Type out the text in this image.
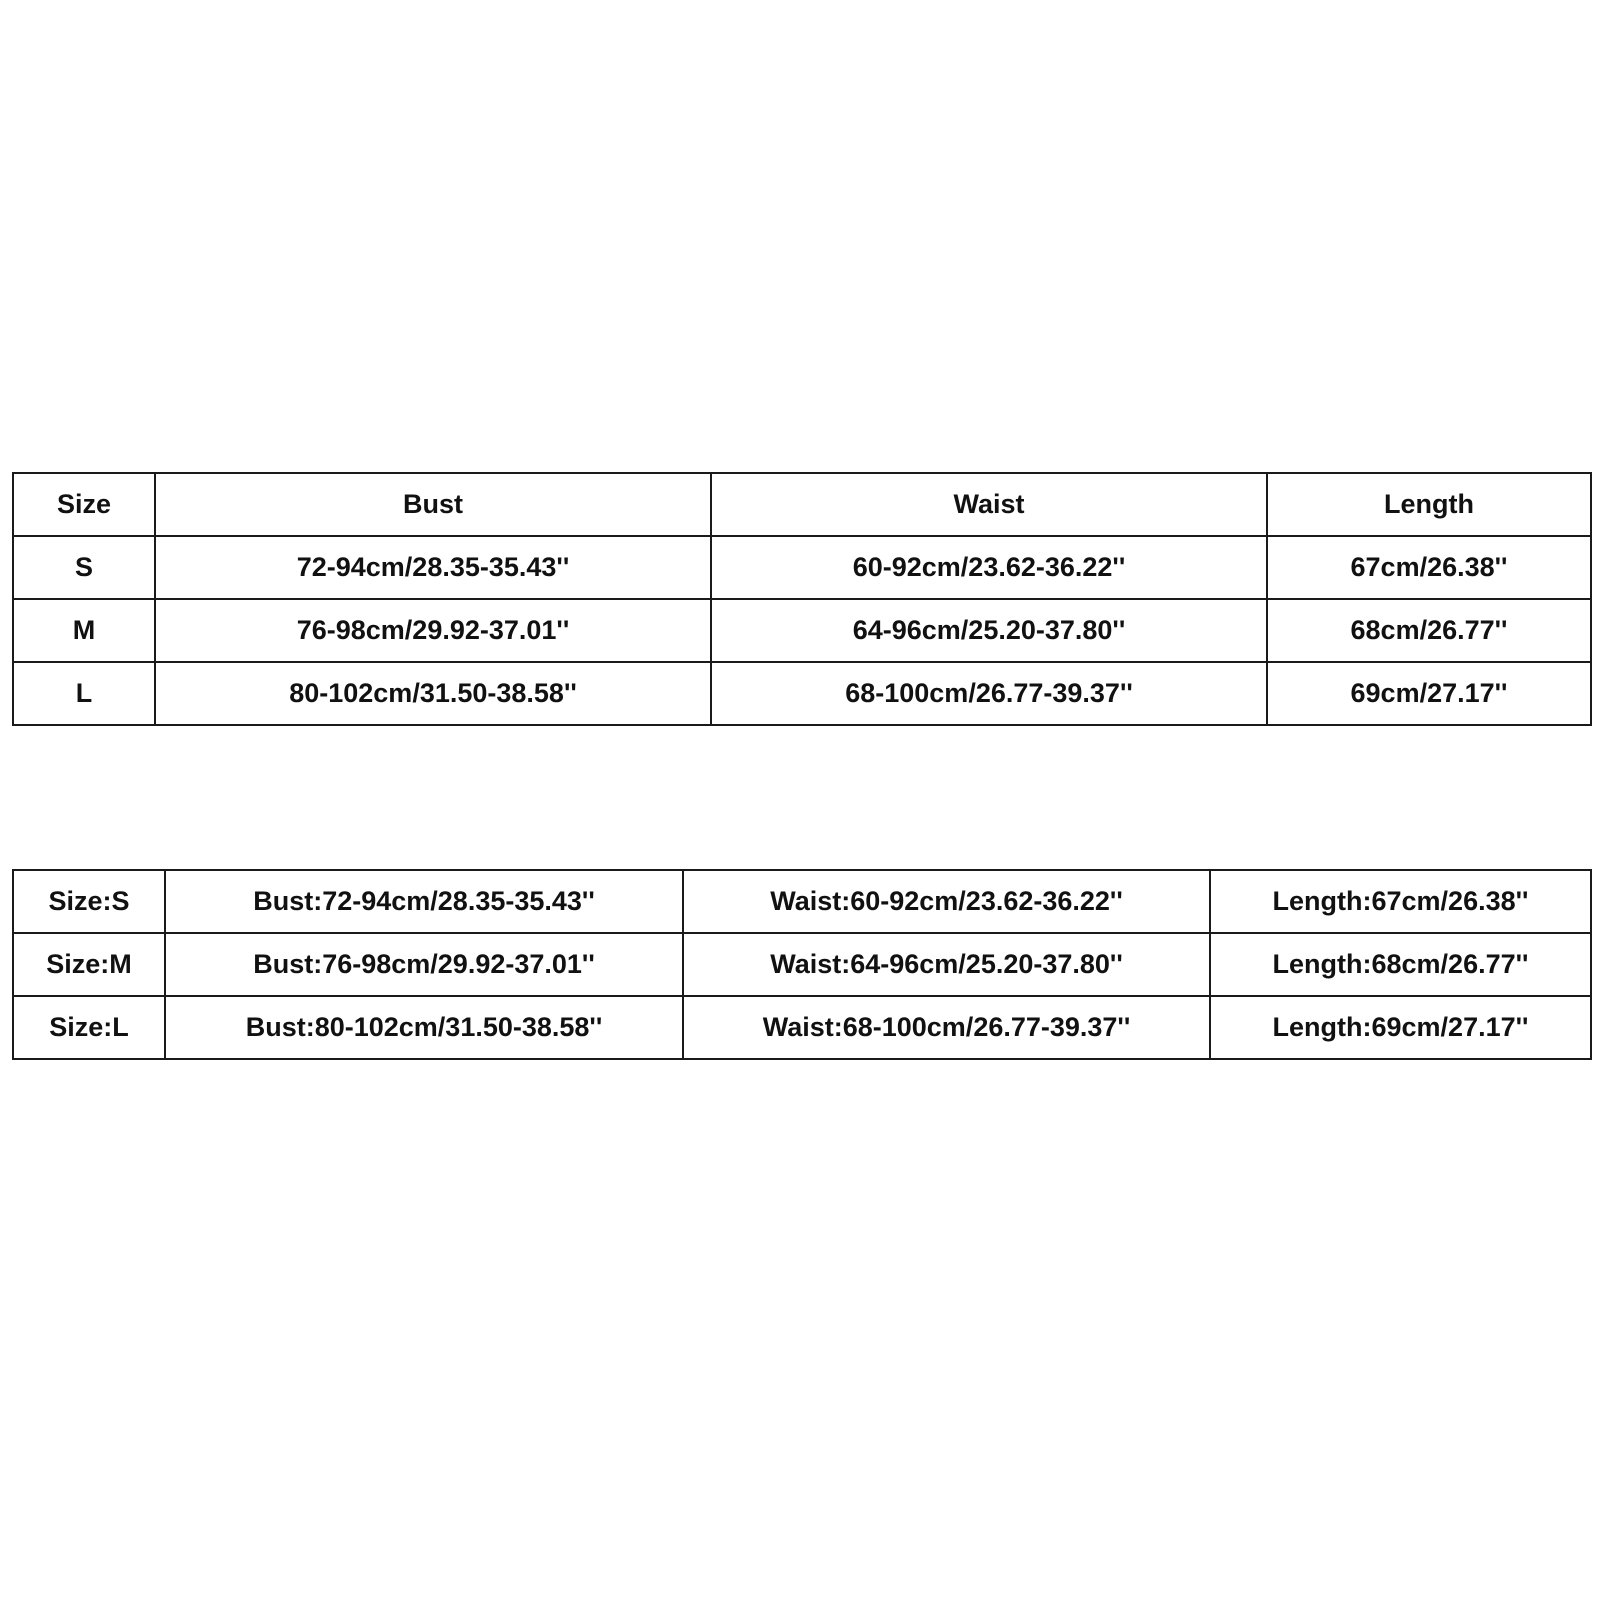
Size	Bust	Waist	Length
S	72-94cm/28.35-35.43''	60-92cm/23.62-36.22''	67cm/26.38''
M	76-98cm/29.92-37.01''	64-96cm/25.20-37.80''	68cm/26.77''
L	80-102cm/31.50-38.58''	68-100cm/26.77-39.37''	69cm/27.17''
Size:S	Bust:72-94cm/28.35-35.43''	Waist:60-92cm/23.62-36.22''	Length:67cm/26.38''
Size:M	Bust:76-98cm/29.92-37.01''	Waist:64-96cm/25.20-37.80''	Length:68cm/26.77''
Size:L	Bust:80-102cm/31.50-38.58''	Waist:68-100cm/26.77-39.37''	Length:69cm/27.17''
